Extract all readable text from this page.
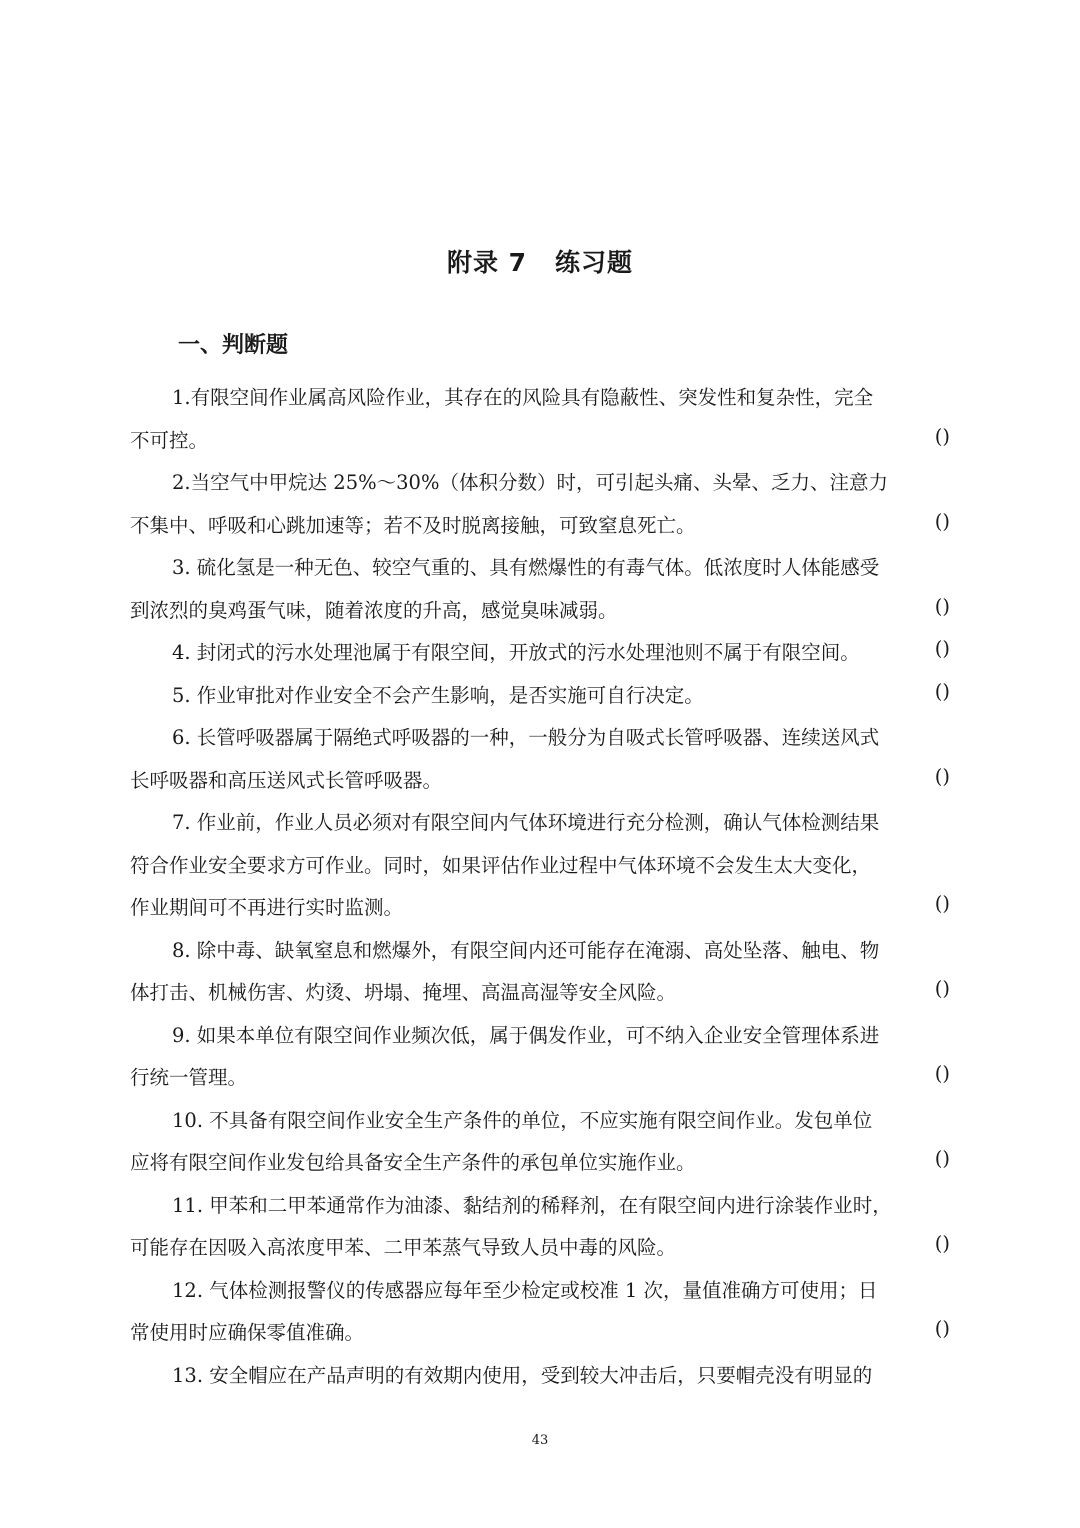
附录 7 练习题
一、判断题
1.有限空间作业属高风险作业，其存在的风险具有隐蔽性、突发性和复杂性，完全
不可控。	()
2.当空气中甲烷达 25%～30%（体积分数）时，可引起头痛、头晕、乏力、注意力
不集中、呼吸和心跳加速等；若不及时脱离接触，可致窒息死亡。	()
3. 硫化氢是一种无色、较空气重的、具有燃爆性的有毒气体。低浓度时人体能感受
到浓烈的臭鸡蛋气味，随着浓度的升高，感觉臭味减弱。	()
4. 封闭式的污水处理池属于有限空间，开放式的污水处理池则不属于有限空间。	()
5. 作业审批对作业安全不会产生影响，是否实施可自行决定。	()
6. 长管呼吸器属于隔绝式呼吸器的一种，一般分为自吸式长管呼吸器、连续送风式
长呼吸器和高压送风式长管呼吸器。	()
7. 作业前，作业人员必须对有限空间内气体环境进行充分检测，确认气体检测结果
符合作业安全要求方可作业。同时，如果评估作业过程中气体环境不会发生太大变化，
作业期间可不再进行实时监测。	()
8. 除中毒、缺氧窒息和燃爆外，有限空间内还可能存在淹溺、高处坠落、触电、物
体打击、机械伤害、灼烫、坍塌、掩埋、高温高湿等安全风险。	()
9. 如果本单位有限空间作业频次低，属于偶发作业，可不纳入企业安全管理体系进
行统一管理。	()
10. 不具备有限空间作业安全生产条件的单位，不应实施有限空间作业。发包单位
应将有限空间作业发包给具备安全生产条件的承包单位实施作业。	()
11. 甲苯和二甲苯通常作为油漆、黏结剂的稀释剂，在有限空间内进行涂装作业时，
可能存在因吸入高浓度甲苯、二甲苯蒸气导致人员中毒的风险。	()
12. 气体检测报警仪的传感器应每年至少检定或校准 1 次，量值准确方可使用；日
常使用时应确保零值准确。	()
13. 安全帽应在产品声明的有效期内使用，受到较大冲击后，只要帽壳没有明显的
43
